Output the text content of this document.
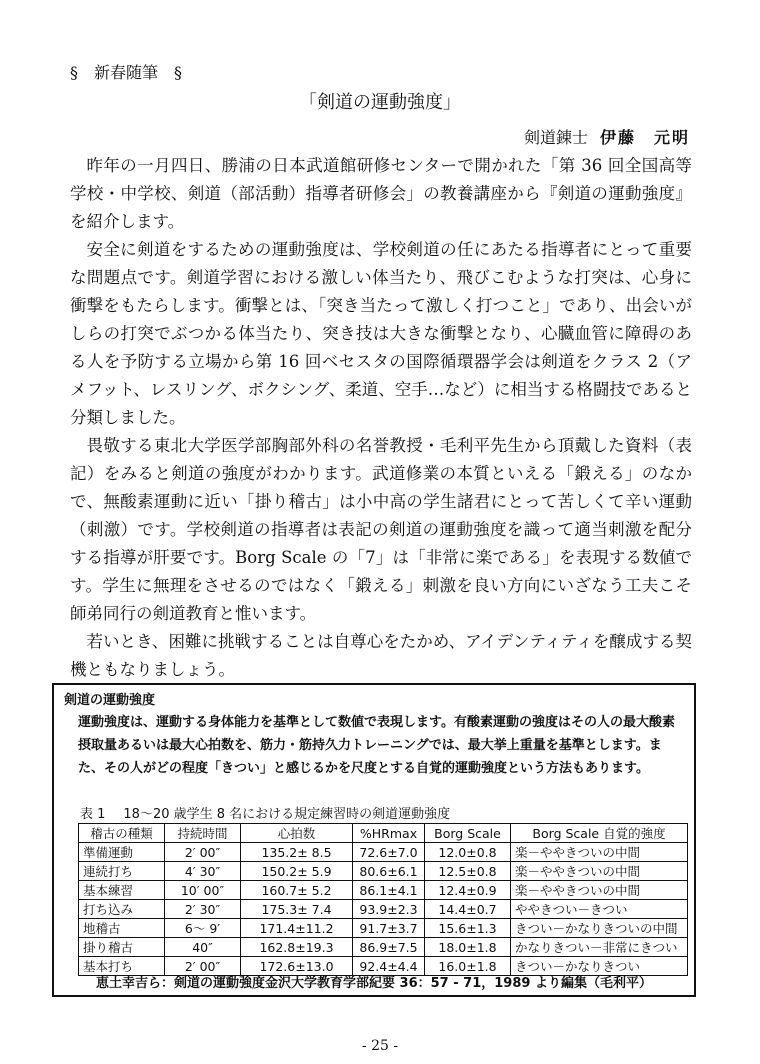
§　新春随筆　§
「剣道の運動強度」
剣道錬士 伊藤　元明

昨年の一月四日、勝浦の日本武道館研修センターで開かれた「第 36 回全国高等学校・中学校、剣道（部活動）指導者研修会」の教養講座から『剣道の運動強度』を紹介します。

安全に剣道をするための運動強度は、学校剣道の任にあたる指導者にとって重要な問題点です。剣道学習における激しい体当たり、飛びこむような打突は、心身に衝撃をもたらします。衝撃とは、「突き当たって激しく打つこと」であり、出会いがしらの打突でぶつかる体当たり、突き技は大きな衝撃となり、心臓血管に障碍のある人を予防する立場から第 16 回ベセスタの国際循環器学会は剣道をクラス 2（アメフット、レスリング、ボクシング、柔道、空手…など）に相当する格闘技であると分類しました。

畏敬する東北大学医学部胸部外科の名誉教授・毛利平先生から頂戴した資料（表記）をみると剣道の強度がわかります。武道修業の本質といえる「鍛える」のなかで、無酸素運動に近い「掛り稽古」は小中高の学生諸君にとって苦しくて辛い運動（刺激）です。学校剣道の指導者は表記の剣道の運動強度を識って適当刺激を配分する指導が肝要です。Borg Scale の「7」は「非常に楽である」を表現する数値です。学生に無理をさせるのではなく「鍛える」刺激を良い方向にいざなう工夫こそ師弟同行の剣道教育と惟います。

若いとき、困難に挑戦することは自尊心をたかめ、アイデンティティを醸成する契機ともなりましょう。

剣道の運動強度
運動強度は、運動する身体能力を基準として数値で表現します。有酸素運動の強度はその人の最大酸素摂取量あるいは最大心拍数を、筋力・筋持久力トレーニングでは、最大挙上重量を基準とします。また、その人がどの程度「きつい」と感じるかを尺度とする自覚的運動強度という方法もあります。
表 1 18～20 歳学生 8 名における規定練習時の剣道運動強度
稽古の種類	持続時間	心拍数	%HRmax	Borg Scale	Borg Scale 自覚的強度
準備運動	2′ 00″	135.2± 8.5	72.6±7.0	12.0±0.8	楽－ややきついの中間
連続打ち	4′ 30″	150.2± 5.9	80.6±6.1	12.5±0.8	楽－ややきついの中間
基本練習	10′ 00″	160.7± 5.2	86.1±4.1	12.4±0.9	楽－ややきついの中間
打ち込み	2′ 30″	175.3± 7.4	93.9±2.3	14.4±0.7	ややきつい－きつい
地稽古	6～ 9′	171.4±11.2	91.7±3.7	15.6±1.3	きつい－かなりきついの中間
掛り稽古	40″	162.8±19.3	86.9±7.5	18.0±1.8	かなりきつい－非常にきつい
基本打ち	2′ 00″	172.6±13.0	92.4±4.4	16.0±1.8	きつい－かなりきつい
恵土幸吉ら：剣道の運動強度金沢大学教育学部紀要 36：57 - 71，1989 より編集（毛利平）
- 25 -
